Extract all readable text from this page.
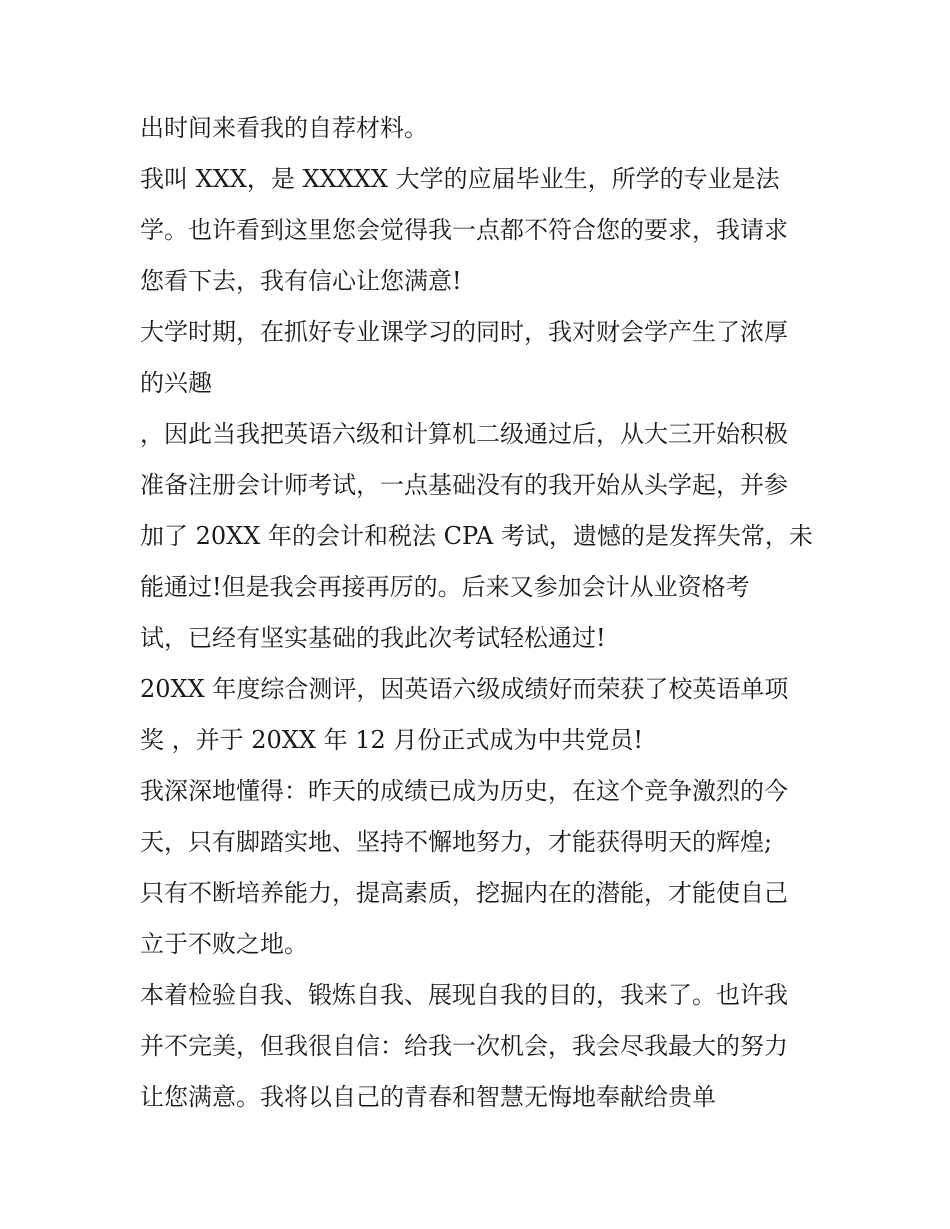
出时间来看我的自荐材料。
我叫 XXX，是 XXXXX 大学的应届毕业生，所学的专业是法
学。也许看到这里您会觉得我一点都不符合您的要求，我请求
您看下去，我有信心让您满意!
大学时期，在抓好专业课学习的同时，我对财会学产生了浓厚
的兴趣
，因此当我把英语六级和计算机二级通过后，从大三开始积极
准备注册会计师考试，一点基础没有的我开始从头学起，并参
加了 20XX 年的会计和税法 CPA 考试，遗憾的是发挥失常，未
能通过!但是我会再接再厉的。后来又参加会计从业资格考
试，已经有坚实基础的我此次考试轻松通过!
20XX 年度综合测评，因英语六级成绩好而荣获了校英语单项
奖 ，并于 20XX 年 12 月份正式成为中共党员!
我深深地懂得：昨天的成绩已成为历史，在这个竞争激烈的今
天，只有脚踏实地、坚持不懈地努力，才能获得明天的辉煌;
只有不断培养能力，提高素质，挖掘内在的潜能，才能使自己
立于不败之地。
本着检验自我、锻炼自我、展现自我的目的，我来了。也许我
并不完美，但我很自信：给我一次机会，我会尽我最大的努力
让您满意。我将以自己的青春和智慧无悔地奉献给贵单
